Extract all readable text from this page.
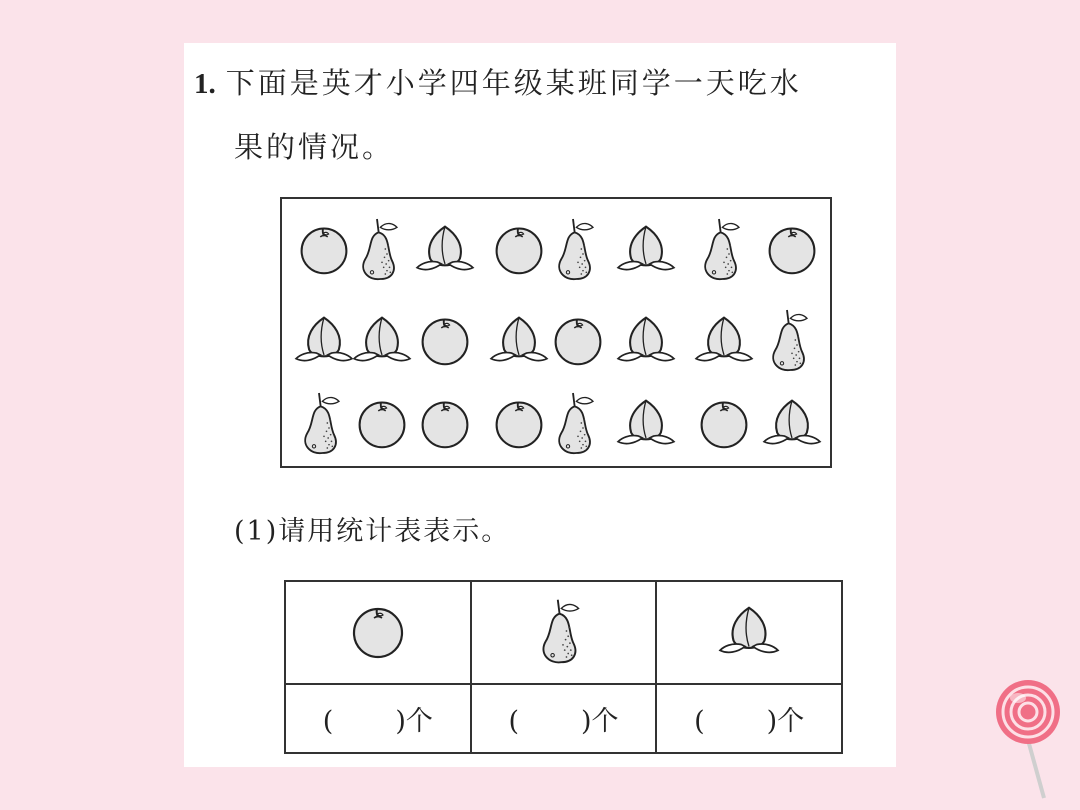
1. 下面是英才小学四年级某班同学一天吃水
果的情况。
(1)请用统计表表示。

( )个	( )个	( )个
